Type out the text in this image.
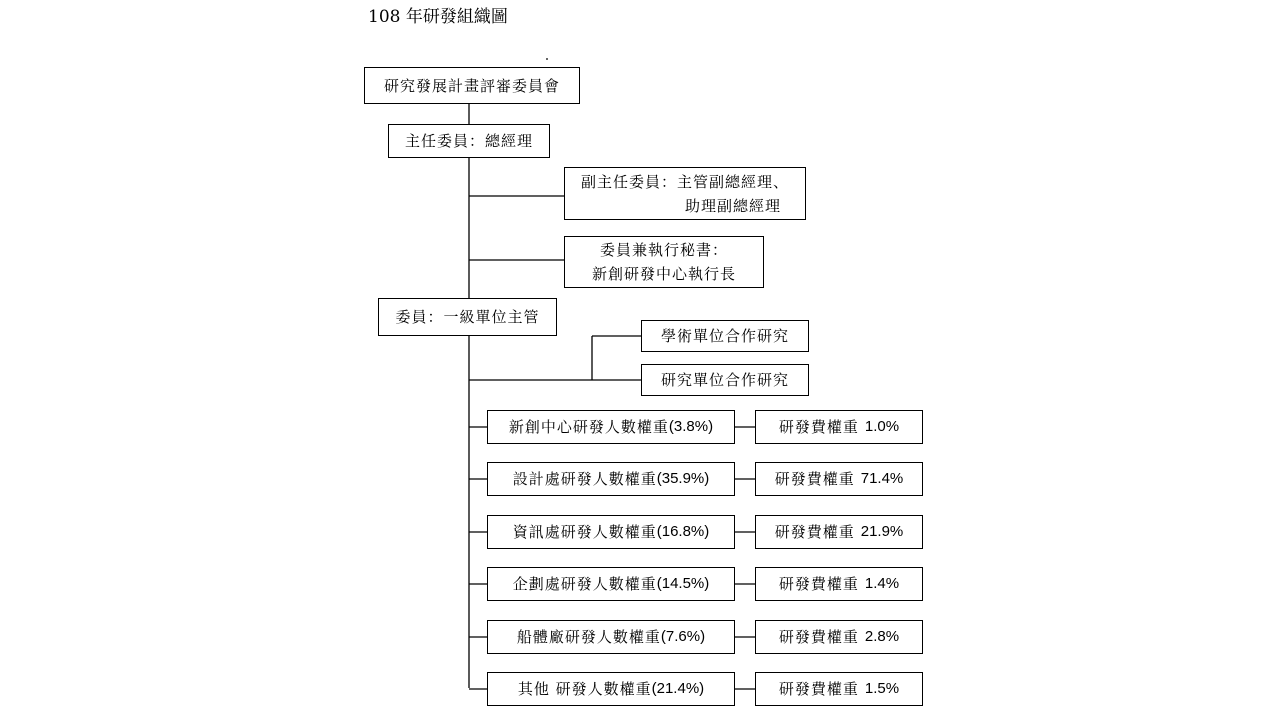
108 年研發組織圖
研究發展計畫評審委員會
主任委員：總經理
副主任委員：主管副總經理、
助理副總經理
委員兼執行秘書：
新創研發中心執行長
委員：一級單位主管
學術單位合作研究
研究單位合作研究
新創中心研發人數權重 (3.8%)	研發費權重 1.0%
設計處研發人數權重 (35.9%)	研發費權重 71.4%
資訊處研發人數權重 (16.8%)	研發費權重 21.9%
企劃處研發人數權重 (14.5%)	研發費權重 1.4%
船體廠研發人數權重 (7.6%)	研發費權重 2.8%
其他 研發人數權重 (21.4%)	研發費權重 1.5%
